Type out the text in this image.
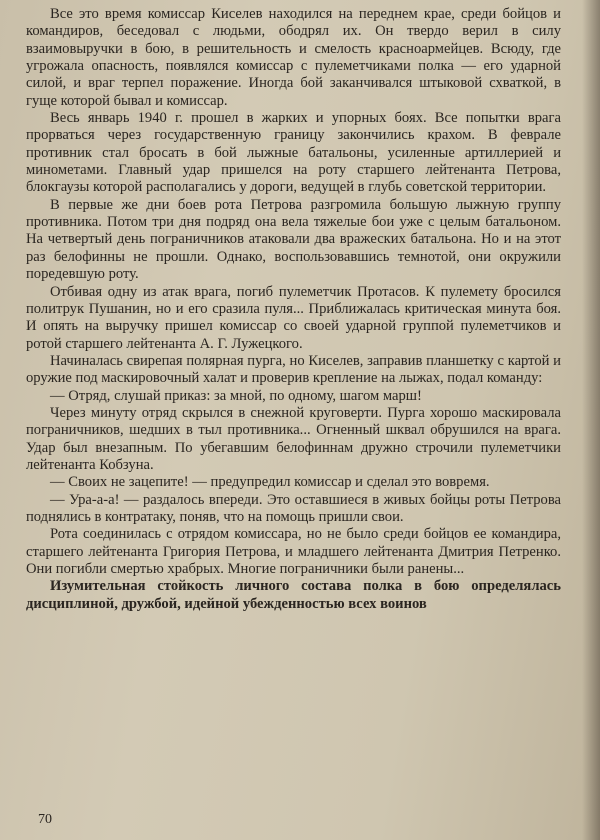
Все это время комиссар Киселев находился на переднем крае, среди бойцов и командиров, беседовал с людьми, ободрял их. Он твердо верил в силу взаимовыручки в бою, в решительность и смелость красноармейцев. Всюду, где угрожала опасность, появлялся комиссар с пулеметчиками полка — его ударной силой, и враг терпел поражение. Иногда бой заканчивался штыковой схваткой, в гуще которой бывал и комиссар.

Весь январь 1940 г. прошел в жарких и упорных боях. Все попытки врага прорваться через государственную границу закончились крахом. В феврале противник стал бросать в бой лыжные батальоны, усиленные артиллерией и минометами. Главный удар пришелся на роту старшего лейтенанта Петрова, блокгаузы которой располагались у дороги, ведущей в глубь советской территории.

В первые же дни боев рота Петрова разгромила большую лыжную группу противника. Потом три дня подряд она вела тяжелые бои уже с целым батальоном. На четвертый день пограничников атаковали два вражеских батальона. Но и на этот раз белофинны не прошли. Однако, воспользовавшись темнотой, они окружили поредевшую роту.

Отбивая одну из атак врага, погиб пулеметчик Протасов. К пулемету бросился политрук Пушанин, но и его сразила пуля... Приближалась критическая минута боя. И опять на выручку пришел комиссар со своей ударной группой пулеметчиков и ротой старшего лейтенанта А. Г. Лужецкого.

Начиналась свирепая полярная пурга, но Киселев, заправив планшетку с картой и оружие под маскировочный халат и проверив крепление на лыжах, подал команду:

— Отряд, слушай приказ: за мной, по одному, шагом марш!

Через минуту отряд скрылся в снежной круговерти. Пурга хорошо маскировала пограничников, шедших в тыл противника... Огненный шквал обрушился на врага. Удар был внезапным. По убегавшим белофиннам дружно строчили пулеметчики лейтенанта Кобзуна.

— Своих не зацепите! — предупредил комиссар и сделал это вовремя.

— Ура-а-а! — раздалось впереди. Это оставшиеся в живых бойцы роты Петрова поднялись в контратаку, поняв, что на помощь пришли свои.

Рота соединилась с отрядом комиссара, но не было среди бойцов ее командира, старшего лейтенанта Григория Петрова, и младшего лейтенанта Дмитрия Петренко. Они погибли смертью храбрых. Многие пограничники были ранены...

Изумительная стойкость личного состава полка в бою определялась дисциплиной, дружбой, идейной убежденностью всех воинов

70
